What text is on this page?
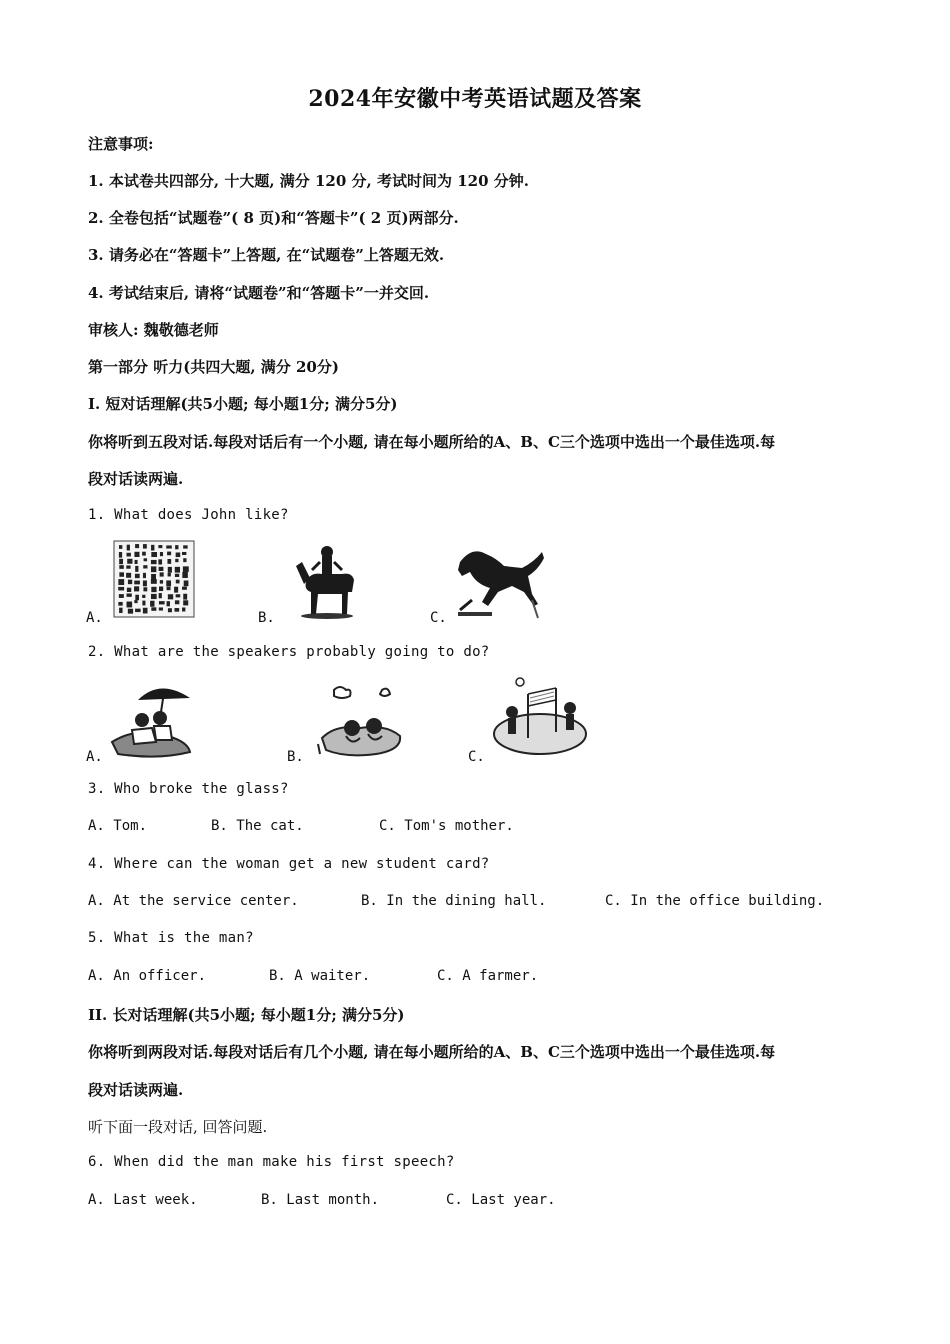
2024年安徽中考英语试题及答案
注意事项:
1. 本试卷共四部分, 十大题, 满分 120 分, 考试时间为 120 分钟.
2. 全卷包括“试题卷”( 8 页)和“答题卡”( 2 页)两部分.
3. 请务必在“答题卡”上答题, 在“试题卷”上答题无效.
4. 考试结束后, 请将“试题卷”和“答题卡”一并交回.
审核人: 魏敬德老师
第一部分 听力(共四大题, 满分 20分)
I. 短对话理解(共5小题; 每小题1分; 满分5分)
你将听到五段对话.每段对话后有一个小题, 请在每小题所给的A、B、C三个选项中选出一个最佳选项.每
段对话读两遍.
1. What does John like?
A.	B.	C.
2. What are the speakers probably going to do?
A.	B.	C.
3. Who broke the glass?
A. Tom.	B. The cat.	C. Tom's mother.
4. Where can the woman get a new student card?
A. At the service center.	B. In the dining hall.	C. In the office building.
5. What is the man?
A. An officer.	B. A waiter.	C. A farmer.
II. 长对话理解(共5小题; 每小题1分; 满分5分)
你将听到两段对话.每段对话后有几个小题, 请在每小题所给的A、B、C三个选项中选出一个最佳选项.每
段对话读两遍.
听下面一段对话, 回答问题.
6. When did the man make his first speech?
A. Last week.	B. Last month.	C. Last year.
